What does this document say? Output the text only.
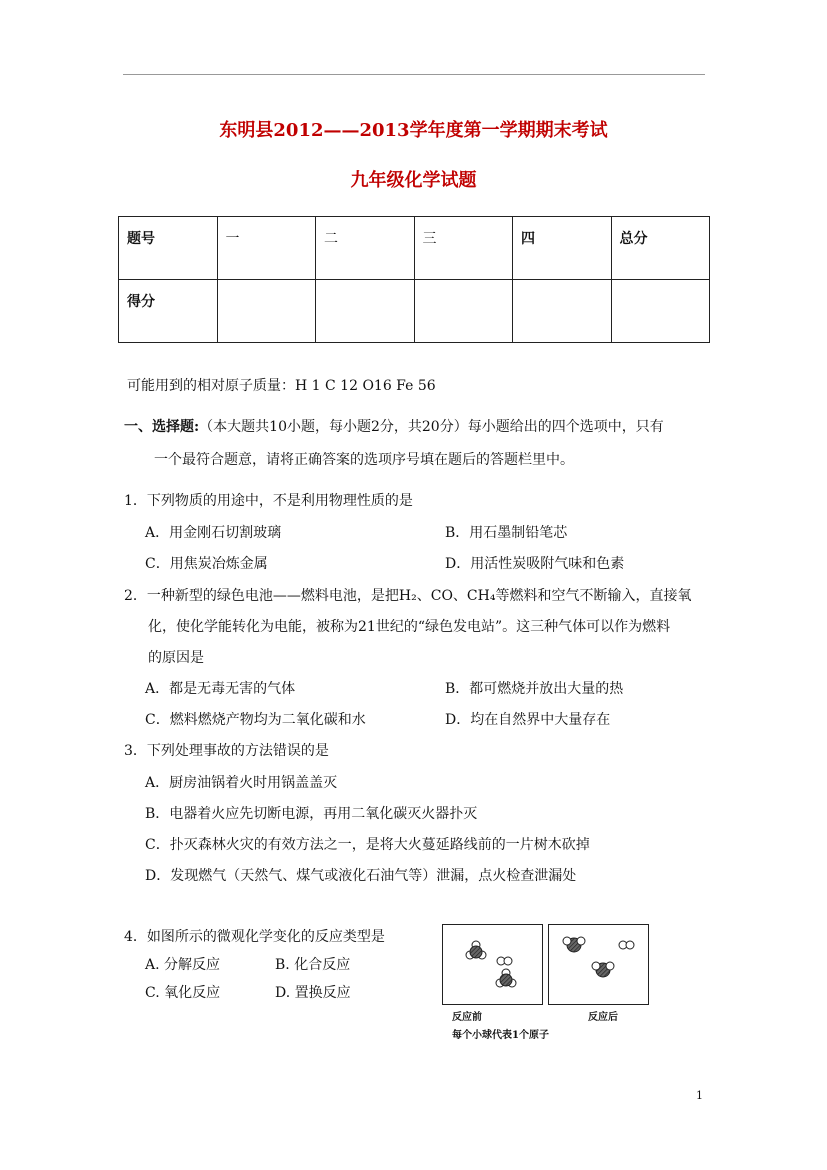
东明县2012——2013学年度第一学期期末考试
九年级化学试题
题号	一	二	三	四	总分
得分					
可能用到的相对原子质量：H 1 C 12 O16 Fe 56
一、选择题:（本大题共10小题，每小题2分，共20分）每小题给出的四个选项中，只有
一个最符合题意，请将正确答案的选项序号填在题后的答题栏里中。
1．下列物质的用途中，不是利用物理性质的是
A．用金刚石切割玻璃	B．用石墨制铅笔芯
C．用焦炭冶炼金属	D．用活性炭吸附气味和色素
2．一种新型的绿色电池——燃料电池，是把H₂、CO、CH₄等燃料和空气不断输入，直接氧
化，使化学能转化为电能，被称为21世纪的“绿色发电站”。这三种气体可以作为燃料
的原因是
A．都是无毒无害的气体	B．都可燃烧并放出大量的热
C．燃料燃烧产物均为二氧化碳和水	D．均在自然界中大量存在
3．下列处理事故的方法错误的是
A．厨房油锅着火时用锅盖盖灭
B．电器着火应先切断电源，再用二氧化碳灭火器扑灭
C．扑灭森林火灾的有效方法之一，是将大火蔓延路线前的一片树木砍掉
D．发现燃气（天然气、煤气或液化石油气等）泄漏，点火检查泄漏处
4．如图所示的微观化学变化的反应类型是
A. 分解反应	B. 化合反应
C. 氧化反应	D. 置换反应
反应前	反应后
每个小球代表1个原子
1
